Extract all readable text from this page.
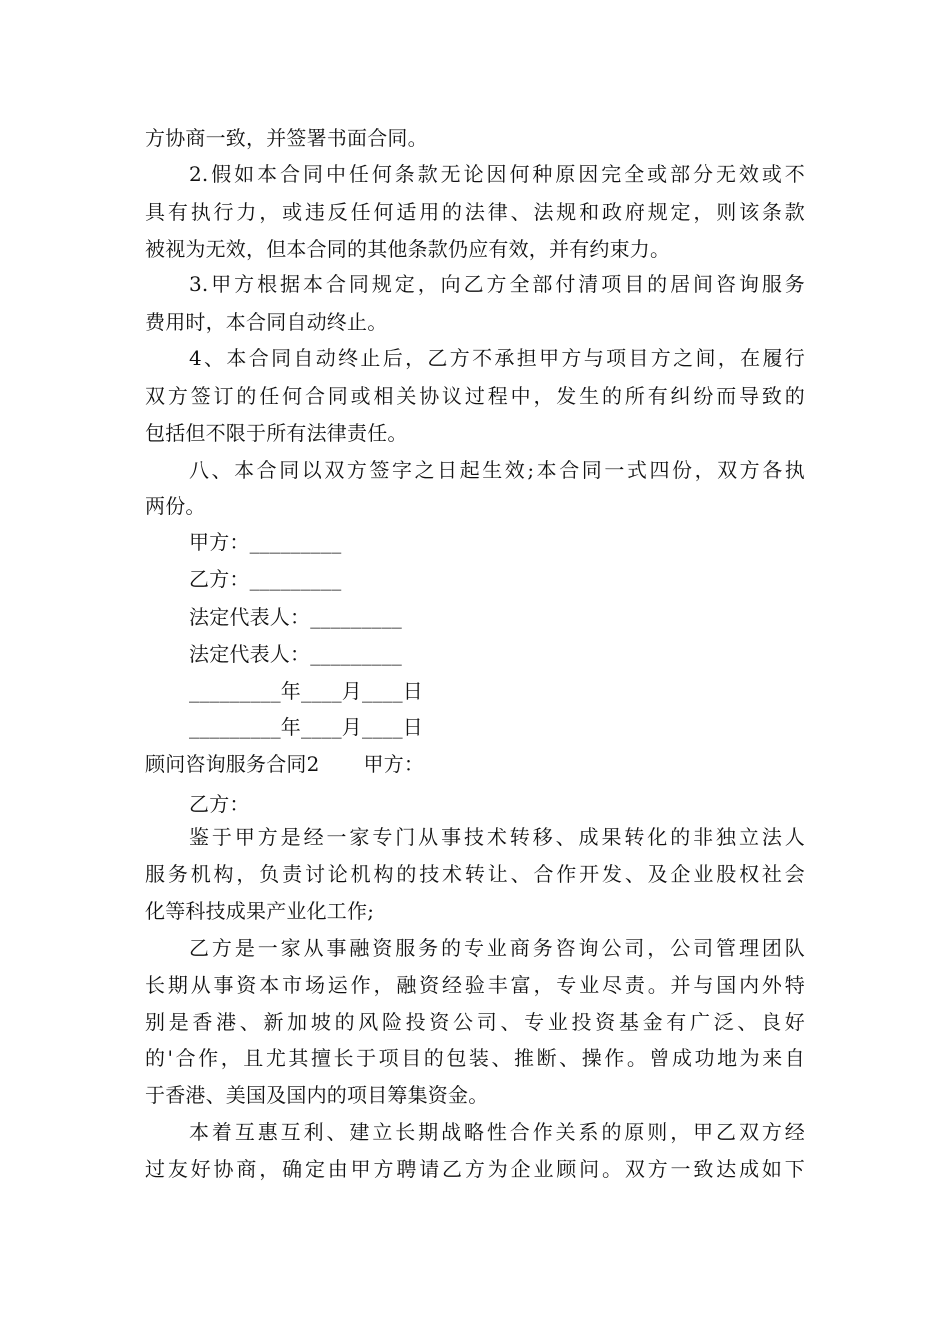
方协商一致，并签署书面合同。
2.假如本合同中任何条款无论因何种原因完全或部分无效或不
具有执行力，或违反任何适用的法律、法规和政府规定，则该条款
被视为无效，但本合同的其他条款仍应有效，并有约束力。
3.甲方根据本合同规定，向乙方全部付清项目的居间咨询服务
费用时，本合同自动终止。
4、本合同自动终止后，乙方不承担甲方与项目方之间，在履行
双方签订的任何合同或相关协议过程中，发生的所有纠纷而导致的
包括但不限于所有法律责任。
八、本合同以双方签字之日起生效;本合同一式四份，双方各执
两份。
甲方：_________
乙方：_________
法定代表人：_________
法定代表人：_________
_________年____月____日
_________年____月____日
顾问咨询服务合同2 甲方：
乙方：
鉴于甲方是经一家专门从事技术转移、成果转化的非独立法人
服务机构，负责讨论机构的技术转让、合作开发、及企业股权社会
化等科技成果产业化工作;
乙方是一家从事融资服务的专业商务咨询公司，公司管理团队
长期从事资本市场运作，融资经验丰富，专业尽责。并与国内外特
别是香港、新加坡的风险投资公司、专业投资基金有广泛、良好
的'合作，且尤其擅长于项目的包装、推断、操作。曾成功地为来自
于香港、美国及国内的项目筹集资金。
本着互惠互利、建立长期战略性合作关系的原则，甲乙双方经
过友好协商，确定由甲方聘请乙方为企业顾问。双方一致达成如下
